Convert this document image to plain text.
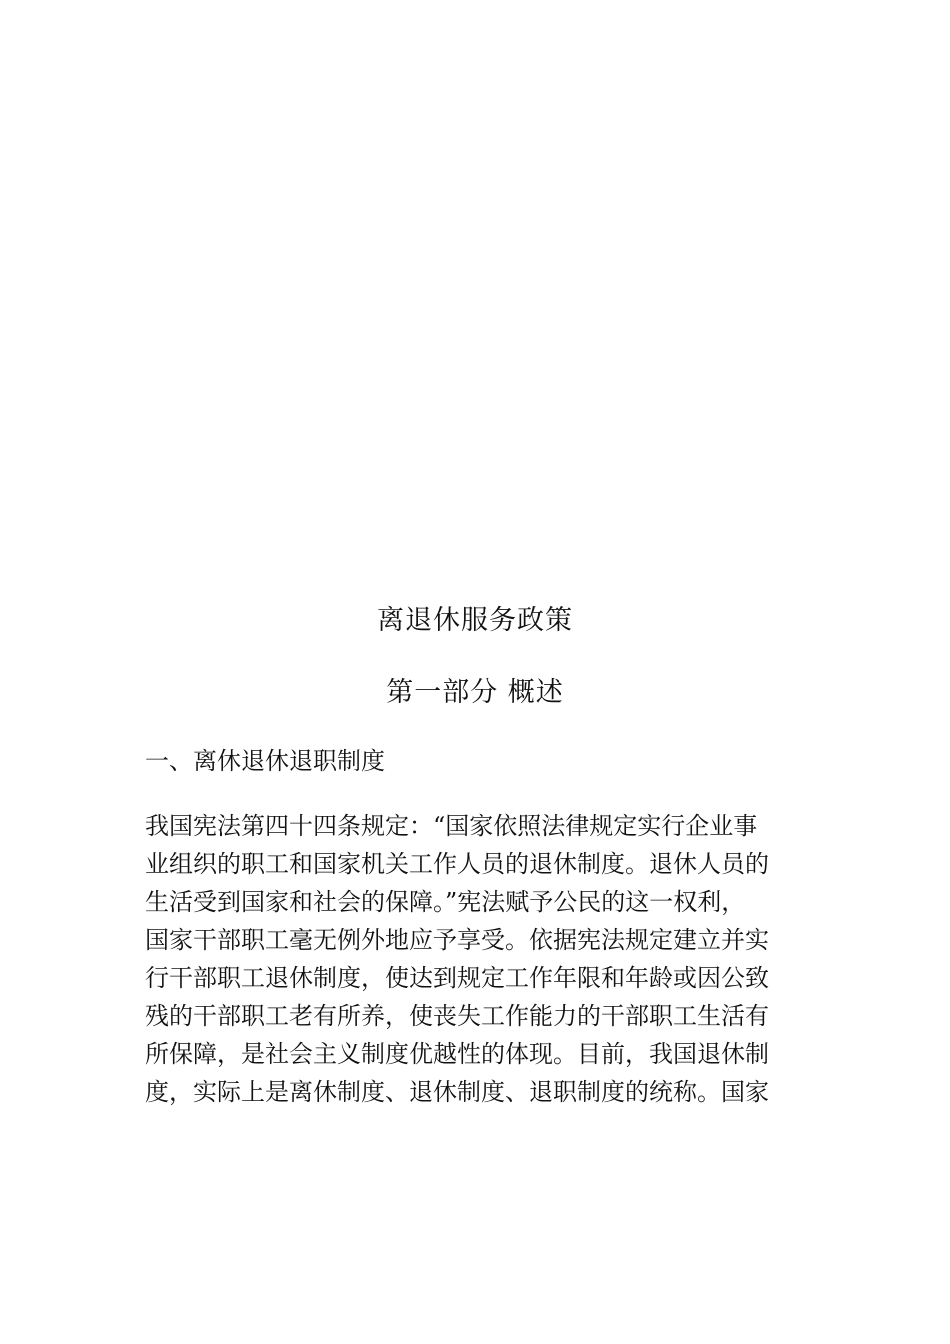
离退休服务政策
第一部分 概述
一、离休退休退职制度
我国宪法第四十四条规定：“国家依照法律规定实行企业事
业组织的职工和国家机关工作人员的退休制度。退休人员的
生活受到国家和社会的保障。”宪法赋予公民的这一权利，
国家干部职工毫无例外地应予享受。依据宪法规定建立并实
行干部职工退休制度，使达到规定工作年限和年龄或因公致
残的干部职工老有所养，使丧失工作能力的干部职工生活有
所保障，是社会主义制度优越性的体现。目前，我国退休制
度，实际上是离休制度、退休制度、退职制度的统称。国家
